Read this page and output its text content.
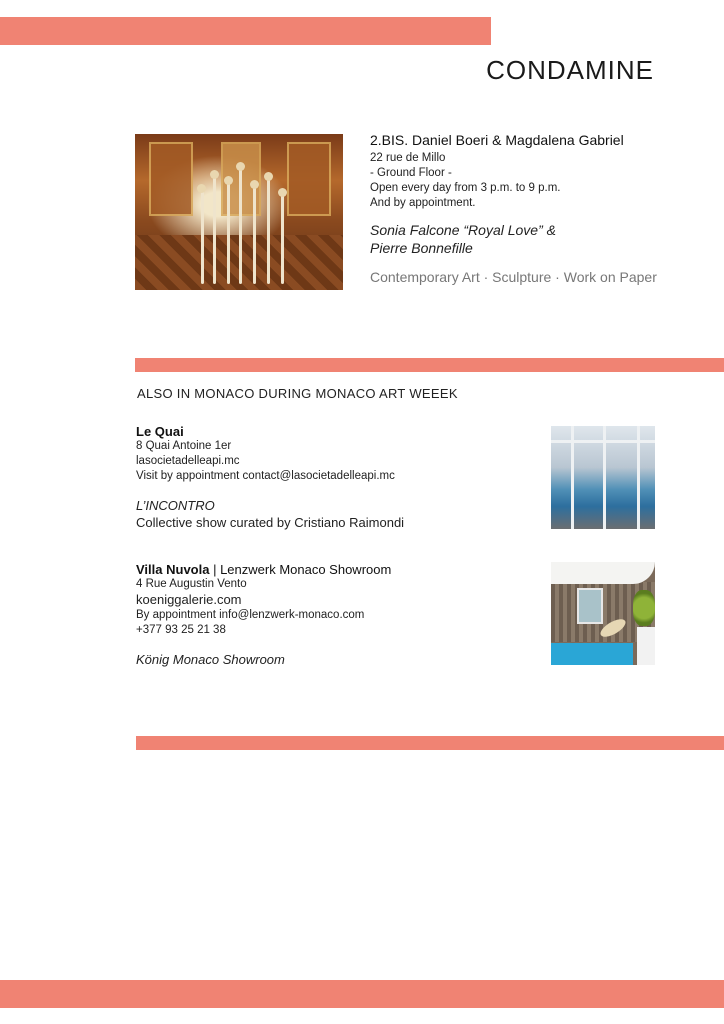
CONDAMINE
2.BIS. Daniel Boeri & Magdalena Gabriel
22 rue de Millo
- Ground Floor -
Open every day from 3 p.m. to 9 p.m.
And by appointment.
Sonia Falcone “Royal Love” &
Pierre Bonnefille
Contemporary Art · Sculpture · Work on Paper
ALSO IN MONACO DURING MONACO ART WEEEK
Le Quai
8 Quai Antoine 1er
lasocietadelleapi.mc
Visit by appointment contact@lasocietadelleapi.mc
L’INCONTRO
Collective show curated by Cristiano Raimondi
Villa Nuvola | Lenzwerk Monaco Showroom
4 Rue Augustin Vento
koeniggalerie.com
By appointment info@lenzwerk-monaco.com
+377 93 25 21 38
König Monaco Showroom
